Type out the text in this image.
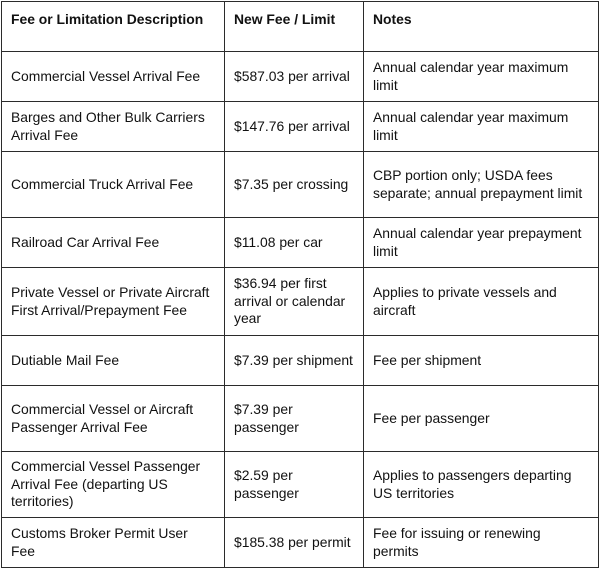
Fee or Limitation Description	New Fee / Limit	Notes
Commercial Vessel Arrival Fee	$587.03 per arrival	Annual calendar year maximum limit
Barges and Other Bulk Carriers Arrival Fee	$147.76 per arrival	Annual calendar year maximum limit
Commercial Truck Arrival Fee	$7.35 per crossing	CBP portion only; USDA fees separate; annual prepayment limit
Railroad Car Arrival Fee	$11.08 per car	Annual calendar year prepayment limit
Private Vessel or Private Aircraft First Arrival/Prepayment Fee	$36.94 per first arrival or calendar year	Applies to private vessels and aircraft
Dutiable Mail Fee	$7.39 per shipment	Fee per shipment
Commercial Vessel or Aircraft Passenger Arrival Fee	$7.39 per passenger	Fee per passenger
Commercial Vessel Passenger Arrival Fee (departing US territories)	$2.59 per passenger	Applies to passengers departing US territories
Customs Broker Permit User Fee	$185.38 per permit	Fee for issuing or renewing permits
